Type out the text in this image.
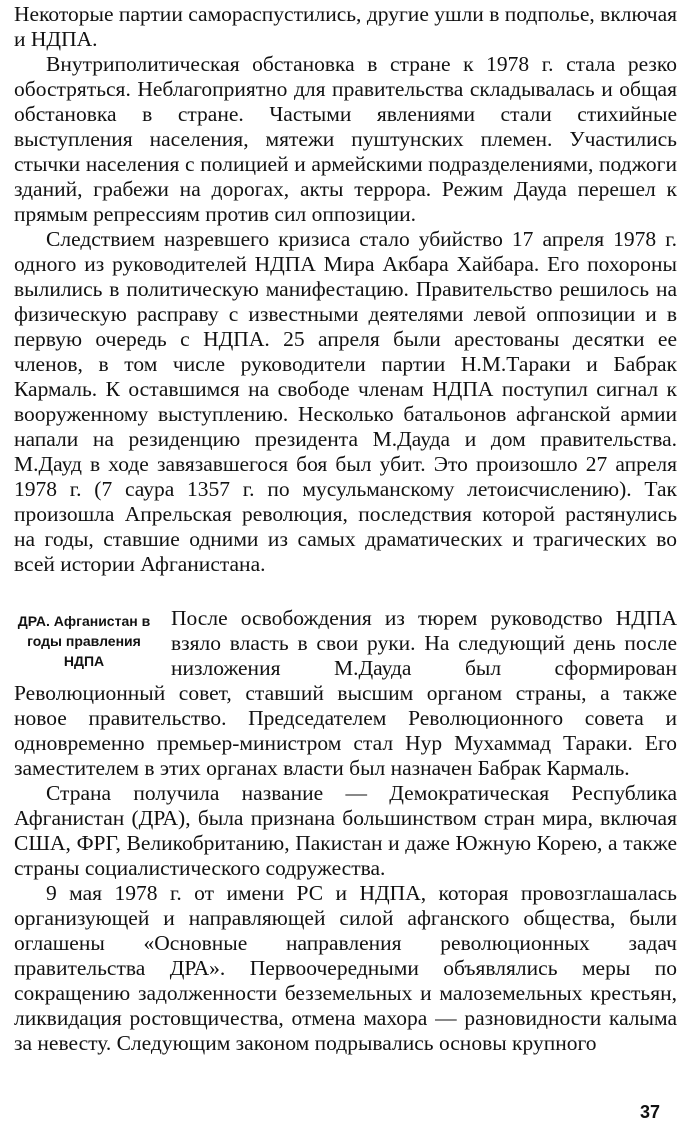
Некоторые партии самораспустились, другие ушли в подполье, включая и НДПА.

Внутриполитическая обстановка в стране к 1978 г. стала резко обостряться. Неблагоприятно для правительства складывалась и общая обстановка в стране. Частыми явлениями стали стихийные выступления населения, мятежи пуштунских племен. Участились стычки населения с полицией и армейскими подразделениями, поджоги зданий, грабежи на дорогах, акты террора. Режим Дауда перешел к прямым репрессиям против сил оппозиции.

Следствием назревшего кризиса стало убийство 17 апреля 1978 г. одного из руководителей НДПА Мира Акбара Хайбара. Его похороны вылились в политическую манифестацию. Правительство решилось на физическую расправу с известными деятелями левой оппозиции и в первую очередь с НДПА. 25 апреля были арестованы десятки ее членов, в том числе руководители партии Н.М.Тараки и Бабрак Кармаль. К оставшимся на свободе членам НДПА поступил сигнал к вооруженному выступлению. Несколько батальонов афганской армии напали на резиденцию президента М.Дауда и дом правительства. М.Дауд в ходе завязавшегося боя был убит. Это произошло 27 апреля 1978 г. (7 саура 1357 г. по мусульманскому летоисчислению). Так произошла Апрельская революция, последствия которой растянулись на годы, ставшие одними из самых драматических и трагических во всей истории Афганистана.

ДРА. Афганистан в годы правления НДПА
После освобождения из тюрем руководство НДПА взяло власть в свои руки. На следующий день после низложения М.Дауда был сформирован Революционный совет, ставший высшим органом страны, а также новое правительство. Председателем Революционного совета и одновременно премьер-министром стал Нур Мухаммад Тараки. Его заместителем в этих органах власти был назначен Бабрак Кармаль.

Страна получила название — Демократическая Республика Афганистан (ДРА), была признана большинством стран мира, включая США, ФРГ, Великобританию, Пакистан и даже Южную Корею, а также страны социалистического содружества.

9 мая 1978 г. от имени РС и НДПА, которая провозглашалась организующей и направляющей силой афганского общества, были оглашены «Основные направления революционных задач правительства ДРА». Первоочередными объявлялись меры по сокращению задолженности безземельных и малоземельных крестьян, ликвидация ростовщичества, отмена махора — разновидности калыма за невесту. Следующим законом подрывались основы крупного

37
